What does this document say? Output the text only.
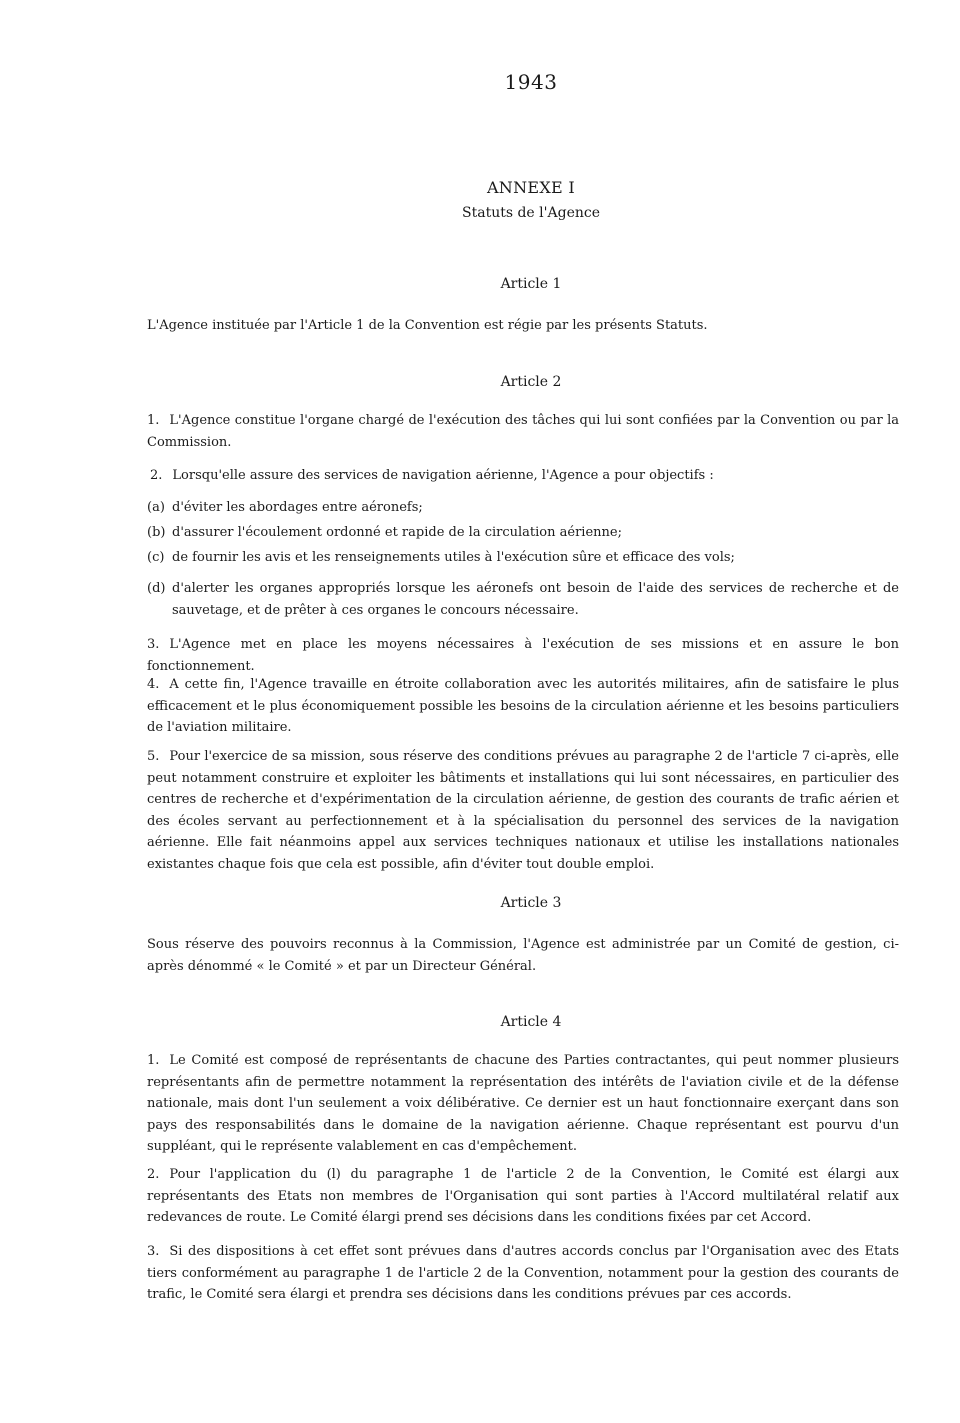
1943
ANNEXE I
Statuts de l'Agence
Article 1
L'Agence instituée par l'Article 1 de la Convention est régie par les présents Statuts.
Article 2
1. L'Agence constitue l'organe chargé de l'exécution des tâches qui lui sont confiées par la Convention ou par la Commission.
2. Lorsqu'elle assure des services de navigation aérienne, l'Agence a pour objectifs :
(a) d'éviter les abordages entre aéronefs;
(b) d'assurer l'écoulement ordonné et rapide de la circulation aérienne;
(c) de fournir les avis et les renseignements utiles à l'exécution sûre et efficace des vols;
(d) d'alerter les organes appropriés lorsque les aéronefs ont besoin de l'aide des services de recherche et de sauvetage, et de prêter à ces organes le concours nécessaire.
3. L'Agence met en place les moyens nécessaires à l'exécution de ses missions et en assure le bon fonctionnement.
4. A cette fin, l'Agence travaille en étroite collaboration avec les autorités militaires, afin de satisfaire le plus efficacement et le plus économiquement possible les besoins de la circulation aérienne et les besoins particuliers de l'aviation militaire.
5. Pour l'exercice de sa mission, sous réserve des conditions prévues au paragraphe 2 de l'article 7 ci-après, elle peut notamment construire et exploiter les bâtiments et installations qui lui sont nécessaires, en particulier des centres de recherche et d'expérimentation de la circulation aérienne, de gestion des courants de trafic aérien et des écoles servant au perfectionnement et à la spécialisation du personnel des services de la navigation aérienne. Elle fait néanmoins appel aux services techniques nationaux et utilise les installations nationales existantes chaque fois que cela est possible, afin d'éviter tout double emploi.
Article 3
Sous réserve des pouvoirs reconnus à la Commission, l'Agence est administrée par un Comité de gestion, ci-après dénommé « le Comité » et par un Directeur Général.
Article 4
1. Le Comité est composé de représentants de chacune des Parties contractantes, qui peut nommer plusieurs représentants afin de permettre notamment la représentation des intérêts de l'aviation civile et de la défense nationale, mais dont l'un seulement a voix délibérative. Ce dernier est un haut fonctionnaire exerçant dans son pays des responsabilités dans le domaine de la navigation aérienne. Chaque représentant est pourvu d'un suppléant, qui le représente valablement en cas d'empêchement.
2. Pour l'application du (l) du paragraphe 1 de l'article 2 de la Convention, le Comité est élargi aux représentants des Etats non membres de l'Organisation qui sont parties à l'Accord multilatéral relatif aux redevances de route. Le Comité élargi prend ses décisions dans les conditions fixées par cet Accord.
3. Si des dispositions à cet effet sont prévues dans d'autres accords conclus par l'Organisation avec des Etats tiers conformément au paragraphe 1 de l'article 2 de la Convention, notamment pour la gestion des courants de trafic, le Comité sera élargi et prendra ses décisions dans les conditions prévues par ces accords.
